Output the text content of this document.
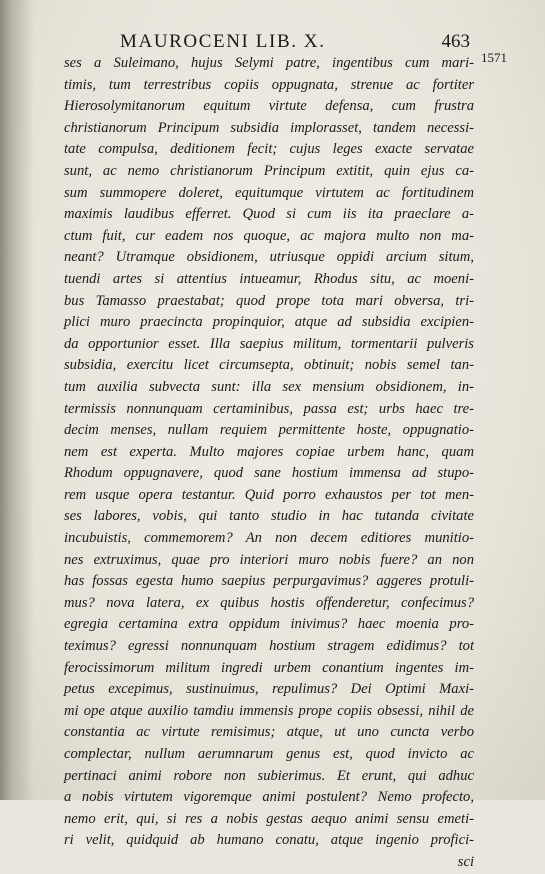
MAUROCENI LIB. X.	463
1571
ses a Suleimano, hujus Selymi patre, ingentibus cum mari-
timis, tum terrestribus copiis oppugnata, strenue ac fortiter
Hierosolymitanorum equitum virtute defensa, cum frustra
christianorum Principum subsidia implorasset, tandem necessi-
tate compulsa, deditionem fecit; cujus leges exacte servatae
sunt, ac nemo christianorum Principum extitit, quin ejus ca-
sum summopere doleret, equitumque virtutem ac fortitudinem
maximis laudibus efferret. Quod si cum iis ita praeclare a-
ctum fuit, cur eadem nos quoque, ac majora multo non ma-
neant? Utramque obsidionem, utriusque oppidi arcium situm,
tuendi artes si attentius intueamur, Rhodus situ, ac moeni-
bus Tamasso praestabat; quod prope tota mari obversa, tri-
plici muro praecincta propinquior, atque ad subsidia excipien-
da opportunior esset. Illa saepius militum, tormentarii pulveris
subsidia, exercitu licet circumsepta, obtinuit; nobis semel tan-
tum auxilia subvecta sunt: illa sex mensium obsidionem, in-
termissis nonnunquam certaminibus, passa est; urbs haec tre-
decim menses, nullam requiem permittente hoste, oppugnatio-
nem est experta. Multo majores copiae urbem hanc, quam
Rhodum oppugnavere, quod sane hostium immensa ad stupo-
rem usque opera testantur. Quid porro exhaustos per tot men-
ses labores, vobis, qui tanto studio in hac tutanda civitate
incubuistis, commemorem? An non decem editiores munitio-
nes extruximus, quae pro interiori muro nobis fuere? an non
has fossas egesta humo saepius perpurgavimus? aggeres protuli-
mus? nova latera, ex quibus hostis offenderetur, confecimus?
egregia certamina extra oppidum inivimus? haec moenia pro-
teximus? egressi nonnunquam hostium stragem edidimus? tot
ferocissimorum militum ingredi urbem conantium ingentes im-
petus excepimus, sustinuimus, repulimus? Dei Optimi Maxi-
mi ope atque auxilio tamdiu immensis prope copiis obsessi, nihil de
constantia ac virtute remisimus; atque, ut uno cuncta verbo
complectar, nullum aerumnarum genus est, quod invicto ac
pertinaci animi robore non subierimus. Et erunt, qui adhuc
a nobis virtutem vigoremque animi postulent? Nemo profecto,
nemo erit, qui, si res a nobis gestas aequo animi sensu emeti-
ri velit, quidquid ab humano conatu, atque ingenio profici-
sci
